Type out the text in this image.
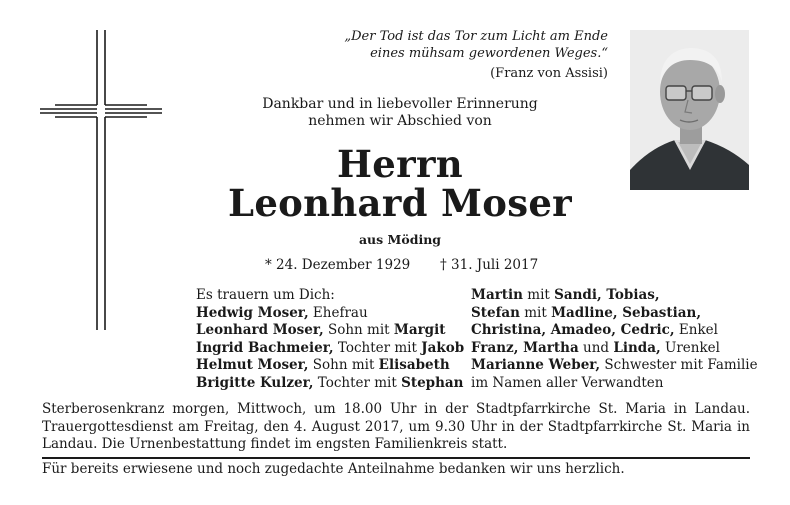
„Der Tod ist das Tor zum Licht am Ende
eines mühsam gewordenen Weges.“
(Franz von Assisi)
Dankbar und in liebevoller Erinnerung
nehmen wir Abschied von
Herrn
Leonhard Moser
aus Möding
* 24. Dezember 1929 † 31. Juli 2017
Es trauern um Dich:
Hedwig Moser, Ehefrau
Leonhard Moser, Sohn mit Margit
Ingrid Bachmeier, Tochter mit Jakob
Helmut Moser, Sohn mit Elisabeth
Brigitte Kulzer, Tochter mit Stephan
Martin mit Sandi, Tobias,
Stefan mit Madline, Sebastian,
Christina, Amadeo, Cedric, Enkel
Franz, Martha und Linda, Urenkel
Marianne Weber, Schwester mit Familie
im Namen aller Verwandten
Sterberosenkranz morgen, Mittwoch, um 18.00 Uhr in der Stadtpfarrkirche St. Maria in Landau. Trauergottesdienst am Freitag, den 4. August 2017, um 9.30 Uhr in der Stadtpfarrkirche St. Maria in Landau. Die Urnenbestattung findet im engsten Familienkreis statt.
Für bereits erwiesene und noch zugedachte Anteilnahme bedanken wir uns herzlich.
